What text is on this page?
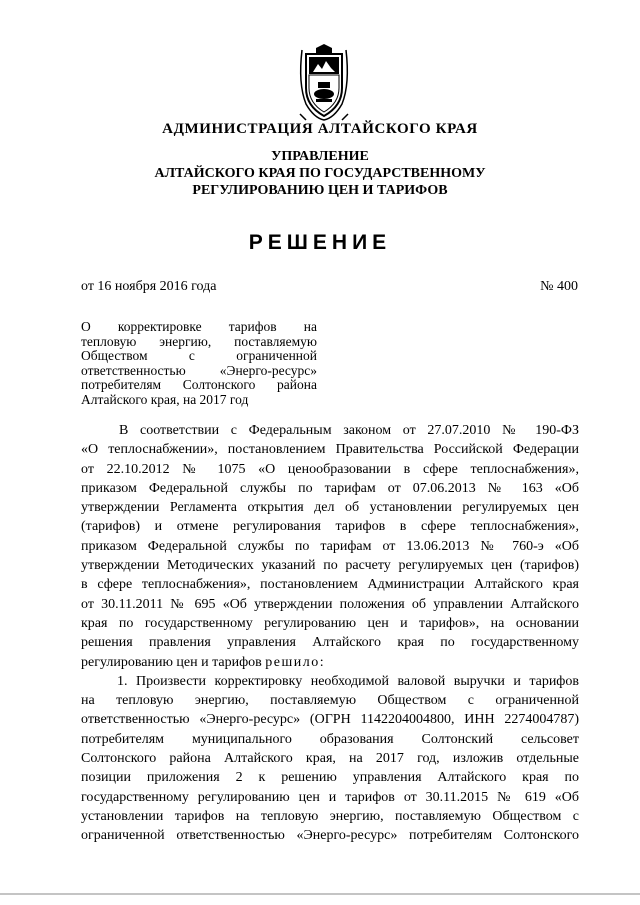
АДМИНИСТРАЦИЯ АЛТАЙСКОГО КРАЯ
УПРАВЛЕНИЕ
АЛТАЙСКОГО КРАЯ ПО ГОСУДАРСТВЕННОМУ
РЕГУЛИРОВАНИЮ ЦЕН И ТАРИФОВ
РЕШЕНИЕ
от 16 ноября 2016 года	№ 400
О корректировке тарифов на
тепловую энергию, поставляемую
Обществом с ограниченной
ответственностью «Энерго-ресурс»
потребителям Солтонского района
Алтайского края, на 2017 год
В соответствии с Федеральным законом от 27.07.2010 № 190-ФЗ
«О теплоснабжении», постановлением Правительства Российской Федерации
от 22.10.2012 № 1075 «О ценообразовании в сфере теплоснабжения»,
приказом Федеральной службы по тарифам от 07.06.2013 № 163 «Об
утверждении Регламента открытия дел об установлении регулируемых цен
(тарифов) и отмене регулирования тарифов в сфере теплоснабжения»,
приказом Федеральной службы по тарифам от 13.06.2013 № 760-э «Об
утверждении Методических указаний по расчету регулируемых цен (тарифов)
в сфере теплоснабжения», постановлением Администрации Алтайского края
от 30.11.2011 № 695 «Об утверждении положения об управлении Алтайского
края по государственному регулированию цен и тарифов», на основании
решения правления управления Алтайского края по государственному
регулированию цен и тарифов решило:
1. Произвести корректировку необходимой валовой выручки и тарифов
на тепловую энергию, поставляемую Обществом с ограниченной
ответственностью «Энерго-ресурс» (ОГРН 1142204004800, ИНН 2274004787)
потребителям муниципального образования Солтонский сельсовет
Солтонского района Алтайского края, на 2017 год, изложив отдельные
позиции приложения 2 к решению управления Алтайского края по
государственному регулированию цен и тарифов от 30.11.2015 № 619 «Об
установлении тарифов на тепловую энергию, поставляемую Обществом с
ограниченной ответственностью «Энерго-ресурс» потребителям Солтонского
